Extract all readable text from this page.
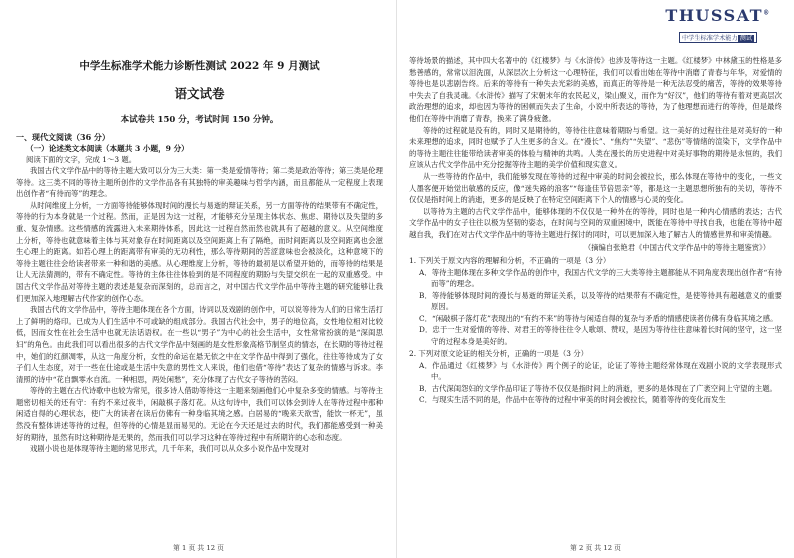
中学生标准学术能力诊断性测试 2022 年 9 月测试
语文试卷
本试卷共 150 分，考试时间 150 分钟。
一、现代文阅读（36 分）
（一）论述类文本阅读（本题共 3 小题，9 分）
阅读下面的文字，完成 1～3 题。

我国古代文学作品中的等待主题大致可以分为三大类：第一类是爱情等待；第二类是政治等待；第三类是伦理等待。这三类不同的等待主题所创作的文学作品各有其独特的审美趣味与哲学内涵，而且都能从一定程度上表现出创作者“有待而等”的理念。

从时间维度上分析，一方面等待能够体现时间的漫长与易逝的辩证关系，另一方面等待的结果带有不确定性，等待的行为本身就是一个过程。然而，正是因为这一过程，才能够充分呈现主体状态、焦虑、期待以及失望的多重、复杂情感。这些情感的流露进入未来期待体系，因此这一过程自然而然也就具有了超越的意义。从空间维度上分析，等待也就意味着主体与其对象存在时间距离以及空间距离上有了隔绝，而时间距离以及空间距离也会滋生心理上的距离。如若心理上的距离带有审美的无功利性，那么等待期间的苦涩意味也会被淡化，这种意境下的等待主题往往会给读者带来一种和谐的美感。从心理维度上分析，等待的最初是以希望开始的，而等待的结果是让人无法猜测的，带有不确定性。等待的主体往往体验到的是不同程度的期盼与失望交织在一起的双重感受。中国古代文学作品对等待主题的表述是复杂而深刻的，总而言之，对中国古代文学作品中等待主题的研究能够让我们更加深入地理解古代作家的创作心态。

我国古代的文学作品中，等待主题体现在各个方面，诗词以及戏剧的创作中，可以说等待为人们的日常生活打上了鲜明的烙印。已成为人们生活中不可或缺的组成部分。我国古代社会中，男子的地位高，女性地位相对比较低，因而女性在社会生活中也就无法话语权。在一些以“男子”为中心的社会生活中，女性常常扮演的是“深闺思妇”的角色。由此我们可以看出很多的古代文学作品中刻画的是女性形象高格节制坚贞的情态，在长期的等待过程中，她们的红颜凋零，从这一角度分析，女性的命运在悬无依之中在文学作品中得到了强化，往往等待成为了女子们人生态度，对于一些在仕途或是生活中失意的男性文人来说，他们也借“等待”表达了复杂的情感与诉求。李清照的诗中“花自飘零水自流。一种相思，两处闲愁”，充分体现了古代女子等待的苦闷。

等待的主题在古代诗歌中也较为常见，很多诗人借助等待这一主题来刻画他们心中复杂多变的情感。与等待主题密切相关的还有守：有约不来过夜半，闲敲棋子落灯花。从这句诗中，我们可以体会到诗人在等待过程中那种闲适自得的心理状态，使广大的读者在读后仿佛有一种身临其境之感。白居易的“晚来天欲雪，能饮一杯无”，虽然没有整体讲述等待的过程，但等待的心情是显而易见的。无论在今天还是过去的时代，我们都能感受到一种美好的期待，虽然有时这种期待是无果的，然而我们可以学习这种在等待过程中有所期许的心态和态度。

戏剧小说也是体现等待主题的常见形式，几千年来，我们可以从众多小说作品中发现对

第 1 页 共 12 页
THUSSAT®
中学生标准学术能力 测试

等待场景的描述，其中四大名著中的《红楼梦》与《水浒传》也涉及等待这一主题。《红楼梦》中林黛玉的性格是多愁善感的，常常以泪洗面，从深层次上分析这一心理特征，我们可以看出她在等待中消磨了青春与年华，对爱情的等待也是以悲剧告终。后来的等待有一种失去光彩的美感，而真正的等待是一种无法忍受的痛苦，等待的效果等待中失去了自我灵魂。《水浒传》描写了宋朝末年的农民起义，梁山聚义，而作为“好汉”，他们的等待有着对更高层次政治理想的追求，却也因为等待的困顿而失去了生命，小说中所表达的等待，为了他理想而进行的等待，但是最终他们在等待中消磨了青春，换来了满身疲惫。

等待的过程就是没有的，同时又是期待的，等待往往意味着期盼与希望。这一美好的过程往往是对美好的一种未来理想的追求，同时也赋予了人生更多的含义。在“漫长”、“焦灼”“失望”、“悲伤”等情绪的渲染下，文学作品中的等待主题往往能带给读者审美的体验与精神的共鸣。人类在漫长的历史进程中对美好事物的期待是永恒的，我们应该从古代文学作品中充分挖掘等待主题的美学价值和现实意义。

从一些等待的作品中，我们能够发现在等待的过程中审美的时间会被拉长，那么体现在等待中的变化，一些文人墨客便开始觉出敏感的反应，像“迷失路的浪客”“每逢佳节倍思亲”等，都是这一主题思想所独有的关切，等待不仅仅是指时间上的消逝，更多的是反映了在特定空间距离下个人的情感与心灵的变化。

以等待为主题的古代文学作品中，能够体现的不仅仅是一种外在的等待，同时也是一种内心情感的表达；古代文学作品中的女子往往以极为坚韧的姿态，在时间与空间的双重困境中，既能在等待中寻找自我，也能在等待中超越自我，我们在对古代文学作品中的等待主题进行探讨的同时，可以更加深入地了解古人的情感世界和审美情趣。

（摘编自张艳君《中国古代文学作品中的等待主题鉴赏》）
1. 下列关于原文内容的理解和分析，不正确的一项是（3 分）
A．等待主题体现在多种文学作品的创作中，我国古代文学的三大类等待主题都能从不同角度表现出创作者“有待而等”的理念。
B．等待能够体现时间的漫长与易逝的辩证关系，以及等待的结果带有不确定性，是使等待具有超越意义的重要原因。
C．“闲敲棋子落灯花”表现出的“有约不来”的等待与闲适自得的复杂与矛盾的情感使读者仿佛有身临其境之感。
D．忠于一生对爱情的等待、对君王的等待往往令人歌颂、赞叹，是因为等待往往意味着长时间的坚守，这一坚守的过程本身是美好的。
2. 下列对原文论证的相关分析，正确的一项是（3 分）
A．作品通过《红楼梦》与《水浒传》两个例子的论证，论证了等待主题经常体现在戏剧小说的文学表现形式中。
B．古代深闺怨妇的文学作品印证了等待不仅仅是指时间上的消逝，更多的是体现在了广袤空间上守望的主题。
C．与现实生活不同的是，作品中在等待的过程中审美的时间会被拉长，随着等待的变化而发生
第 2 页 共 12 页
